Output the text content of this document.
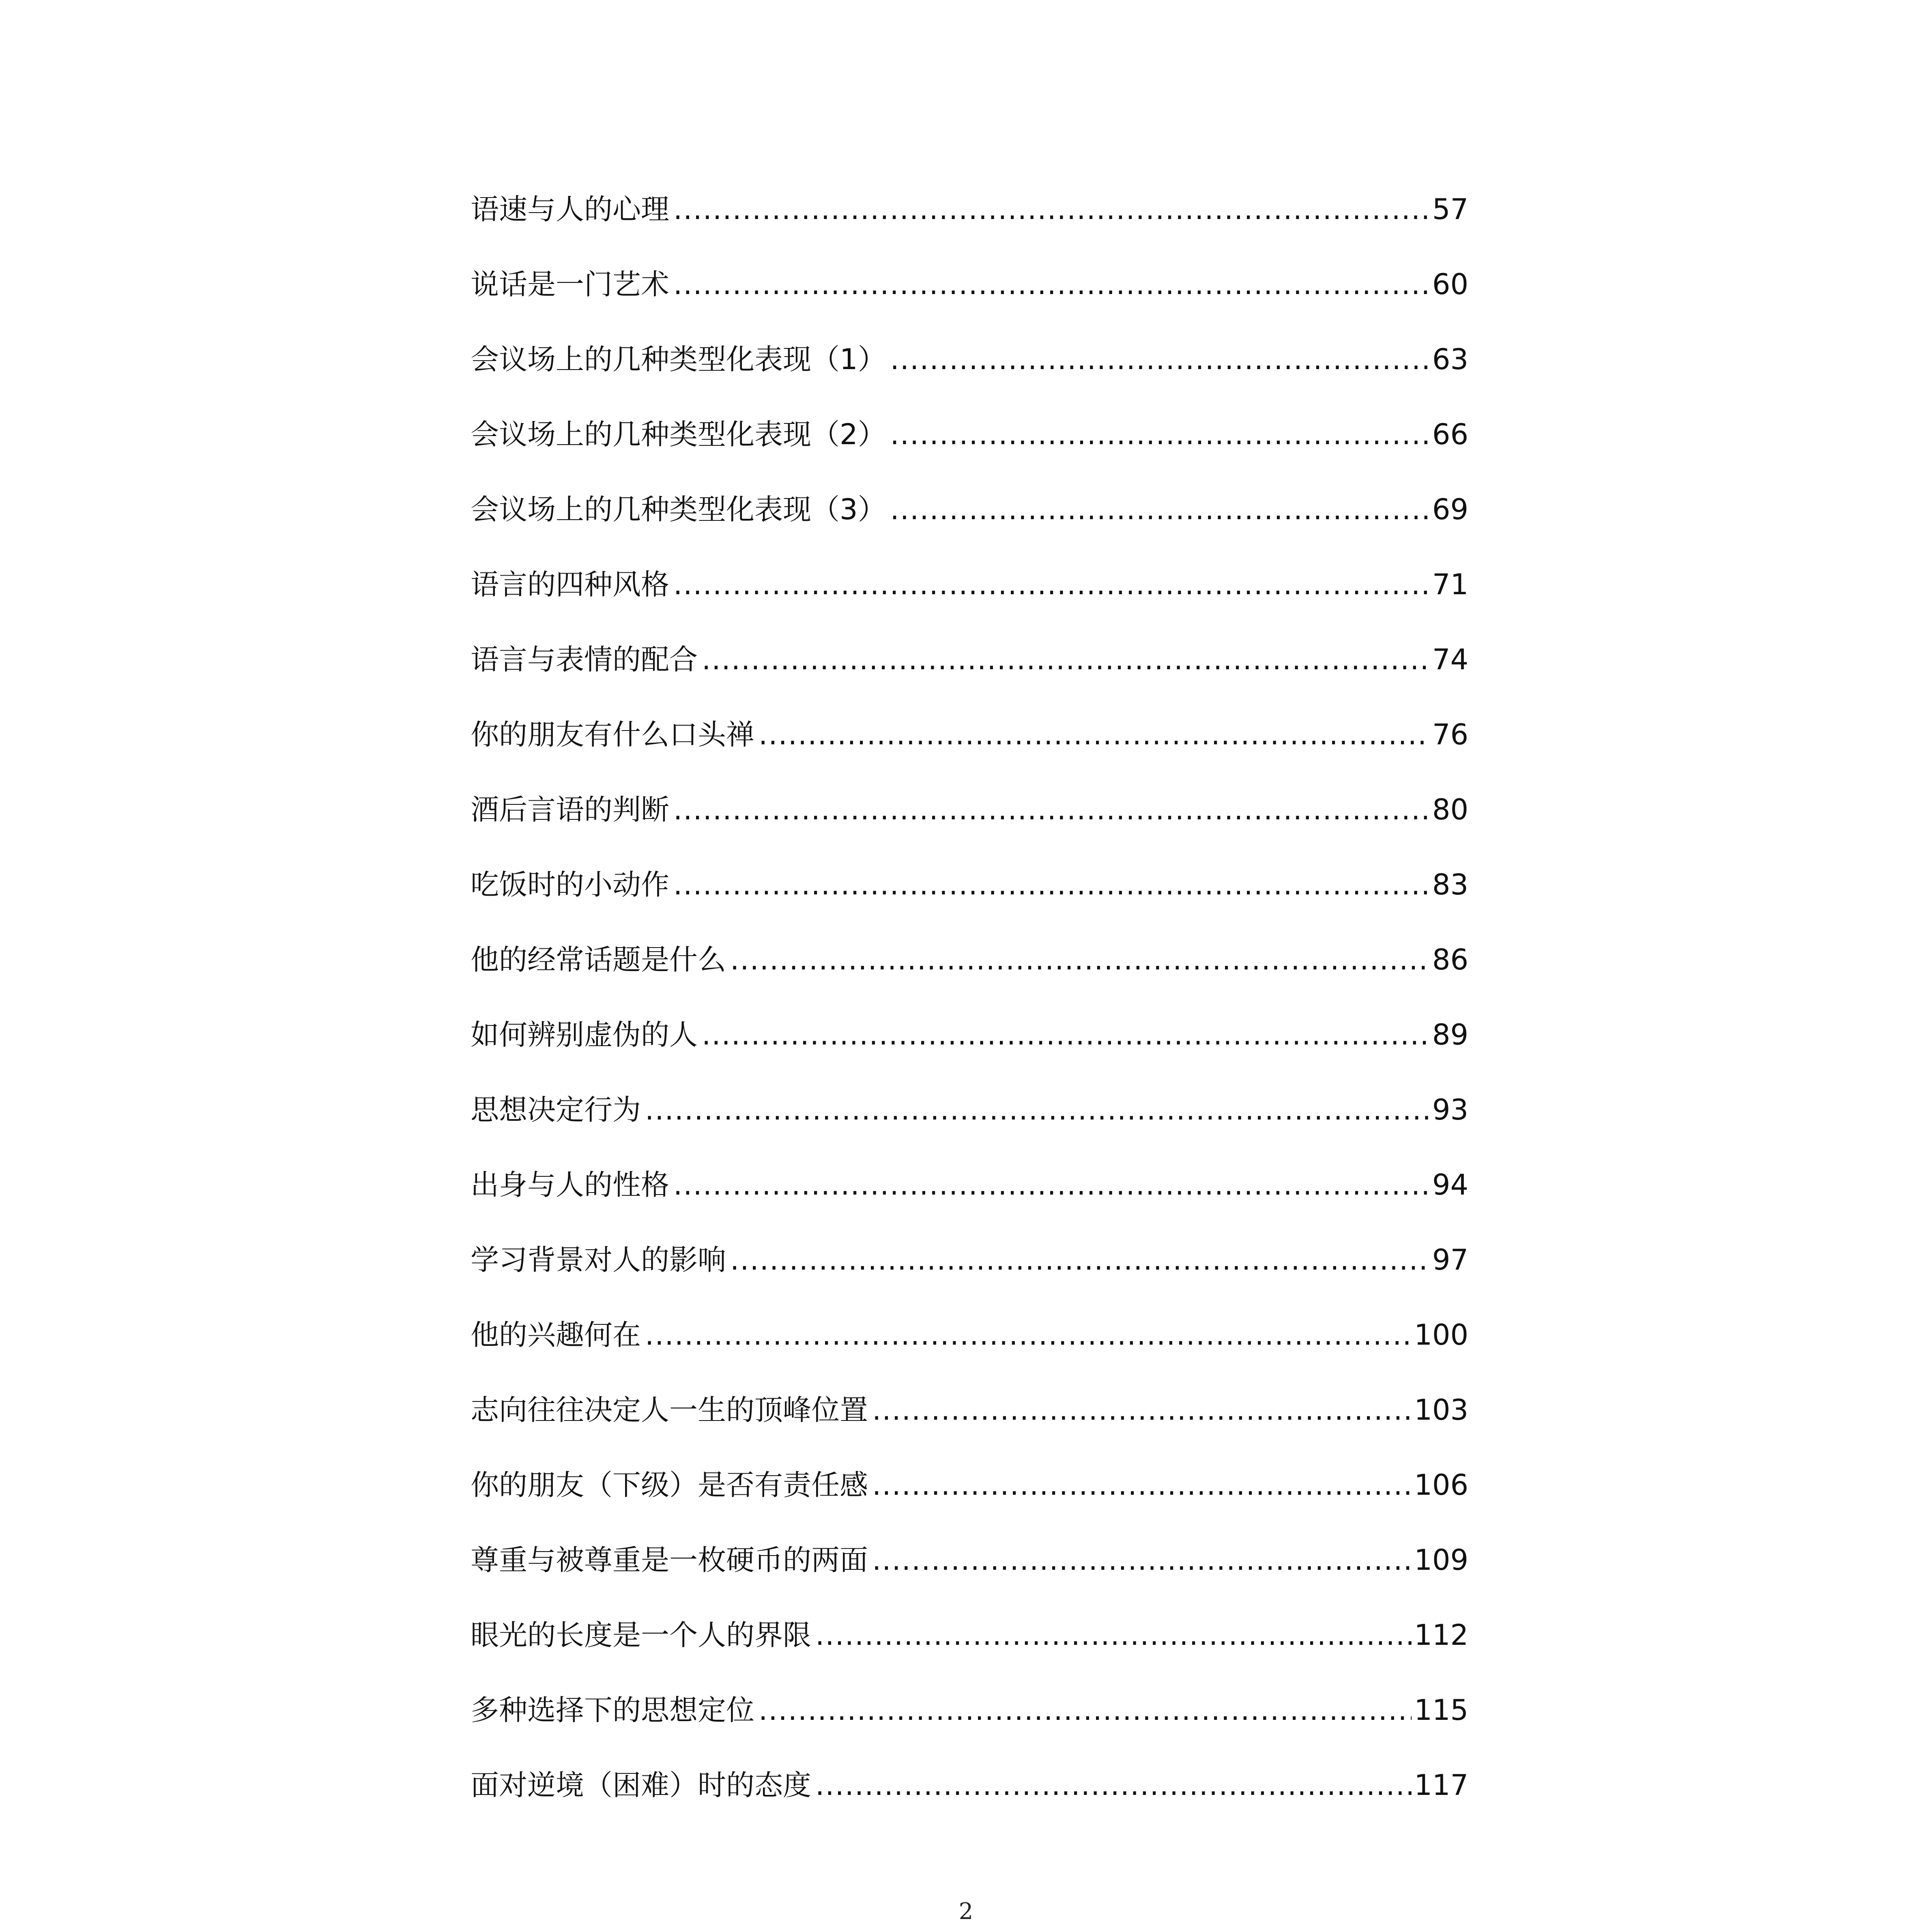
语速与人的心理 .....	57
说话是一门艺术 .....	60
会议场上的几种类型化表现（1） .....	63
会议场上的几种类型化表现（2） .....	66
会议场上的几种类型化表现（3） .....	69
语言的四种风格 .....	71
语言与表情的配合 .....	74
你的朋友有什么口头禅 .....	76
酒后言语的判断 .....	80
吃饭时的小动作 .....	83
他的经常话题是什么 .....	86
如何辨别虚伪的人 .....	89
思想决定行为 .....	93
出身与人的性格 .....	94
学习背景对人的影响 .....	97
他的兴趣何在 .....	100
志向往往决定人一生的顶峰位置 .....	103
你的朋友（下级）是否有责任感 .....	106
尊重与被尊重是一枚硬币的两面 .....	109
眼光的长度是一个人的界限 .....	112
多种选择下的思想定位 .....	115
面对逆境（困难）时的态度 .....	117
2
